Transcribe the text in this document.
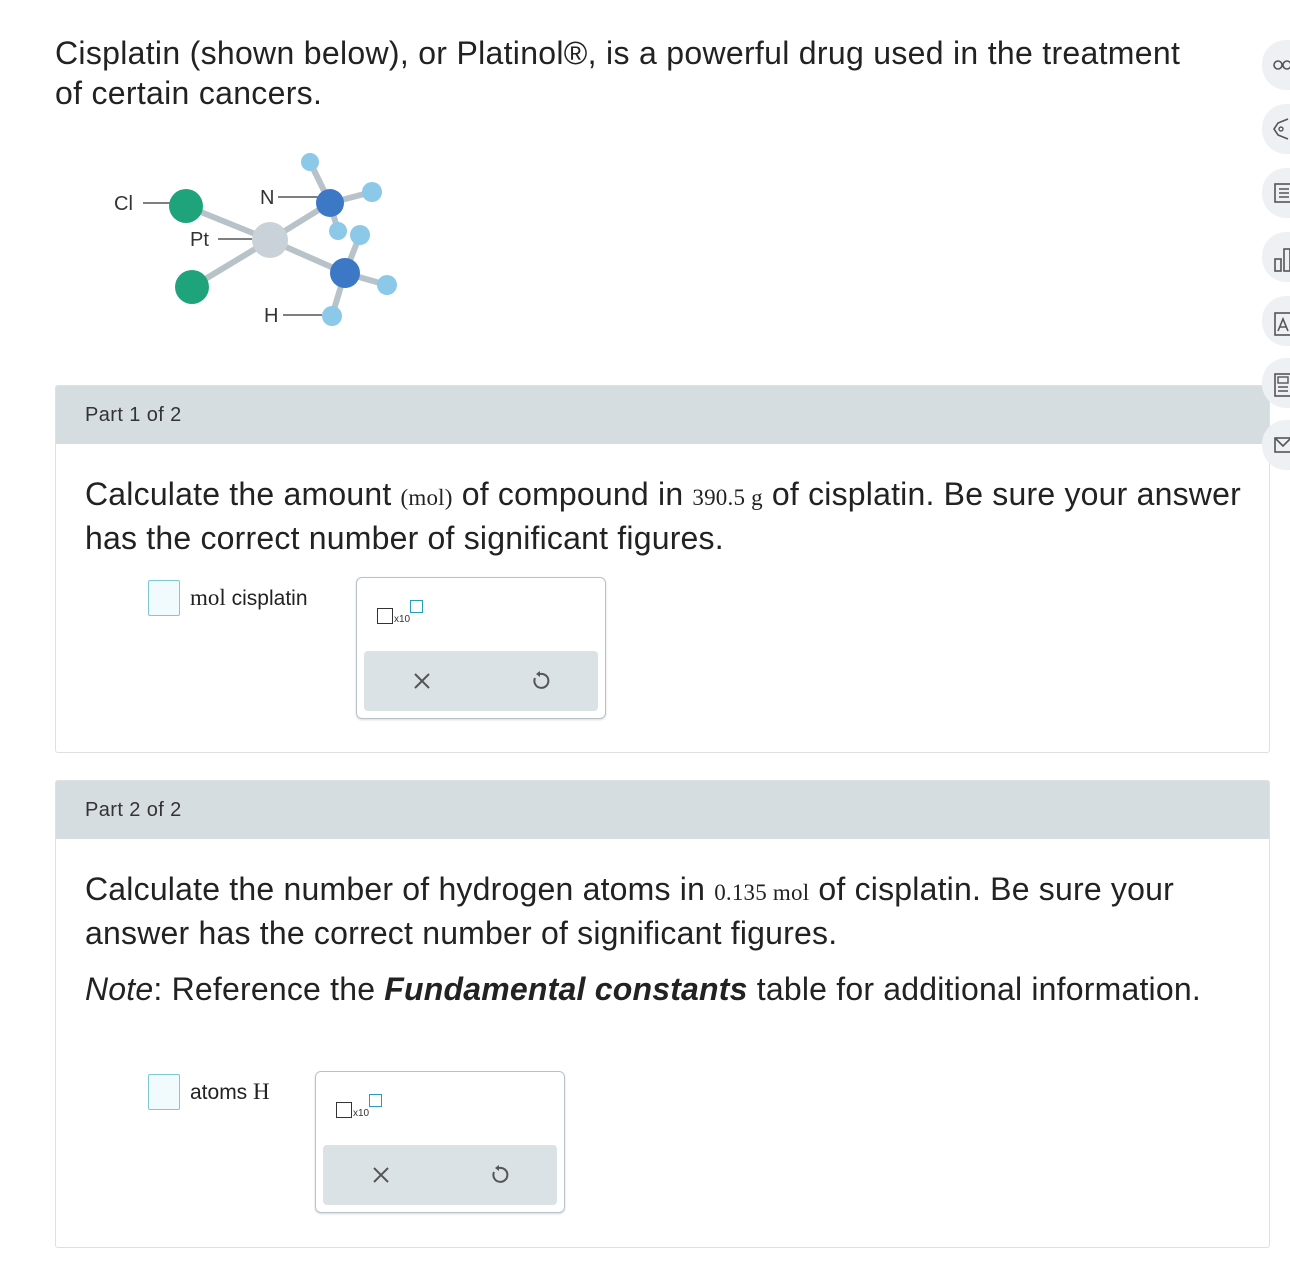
Cisplatin (shown below), or Platinol®, is a powerful drug used in the treatment of certain cancers.

Cl
Pt
N
H
Part 1 of 2

Calculate the amount (mol) of compound in 390.5 g of cisplatin. Be sure your answer has the correct number of significant figures.

mol cisplatin
x10
Part 2 of 2

Calculate the number of hydrogen atoms in 0.135 mol of cisplatin. Be sure your answer has the correct number of significant figures.

Note: Reference the Fundamental constants table for additional information.

atoms H
x10
